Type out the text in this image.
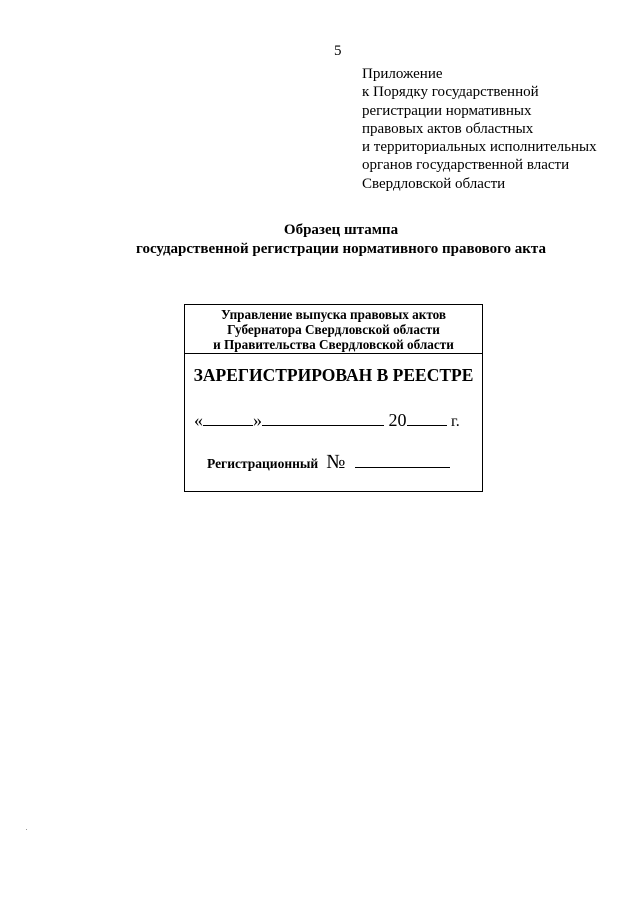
5
Приложение
к Порядку государственной
регистрации нормативных
правовых актов областных
и территориальных исполнительных
органов государственной власти
Свердловской области
Образец штампа
государственной регистрации нормативного правового акта
Управление выпуска правовых актов
Губернатора Свердловской области
и Правительства Свердловской области
ЗАРЕГИСТРИРОВАН В РЕЕСТРЕ
«	»	20	г.
Регистрационный №
